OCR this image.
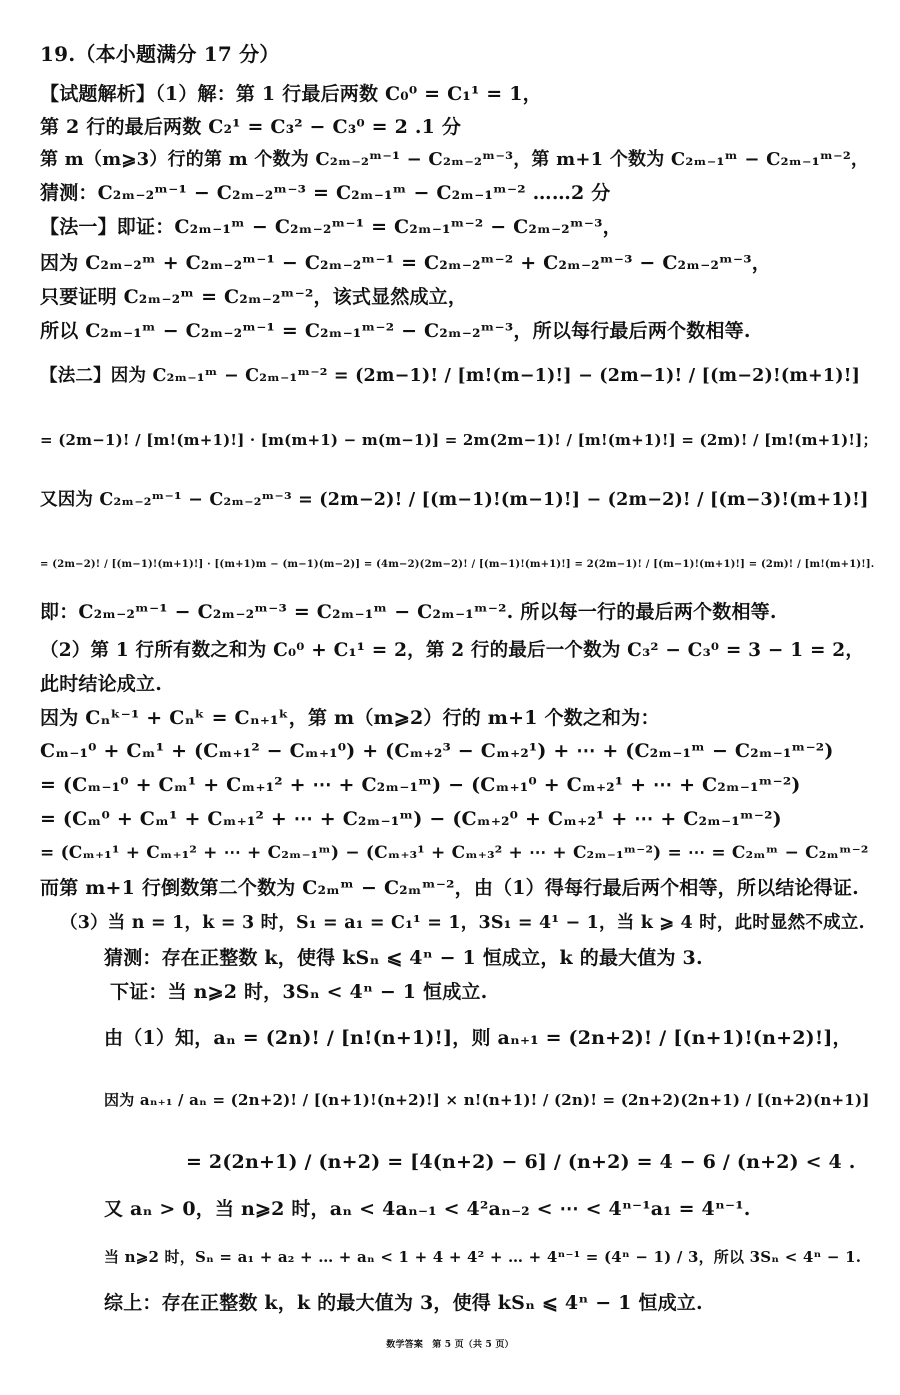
19.（本小题满分 17 分）
【试题解析】（1）解：第 1 行最后两数 C₀⁰ = C₁¹ = 1，
第 2 行的最后两数 C₂¹ = C₃² − C₃⁰ = 2 .1 分
第 m（m⩾3）行的第 m 个数为 C₂ₘ₋₂ᵐ⁻¹ − C₂ₘ₋₂ᵐ⁻³，第 m+1 个数为 C₂ₘ₋₁ᵐ − C₂ₘ₋₁ᵐ⁻²，
猜测：C₂ₘ₋₂ᵐ⁻¹ − C₂ₘ₋₂ᵐ⁻³ = C₂ₘ₋₁ᵐ − C₂ₘ₋₁ᵐ⁻² ……2 分
【法一】即证：C₂ₘ₋₁ᵐ − C₂ₘ₋₂ᵐ⁻¹ = C₂ₘ₋₁ᵐ⁻² − C₂ₘ₋₂ᵐ⁻³，
因为 C₂ₘ₋₂ᵐ + C₂ₘ₋₂ᵐ⁻¹ − C₂ₘ₋₂ᵐ⁻¹ = C₂ₘ₋₂ᵐ⁻² + C₂ₘ₋₂ᵐ⁻³ − C₂ₘ₋₂ᵐ⁻³，
只要证明 C₂ₘ₋₂ᵐ = C₂ₘ₋₂ᵐ⁻²，该式显然成立，
所以 C₂ₘ₋₁ᵐ − C₂ₘ₋₂ᵐ⁻¹ = C₂ₘ₋₁ᵐ⁻² − C₂ₘ₋₂ᵐ⁻³，所以每行最后两个数相等.
【法二】因为 C₂ₘ₋₁ᵐ − C₂ₘ₋₁ᵐ⁻² = (2m−1)! / [m!(m−1)!] − (2m−1)! / [(m−2)!(m+1)!]
= (2m−1)! / [m!(m+1)!] · [m(m+1) − m(m−1)] = 2m(2m−1)! / [m!(m+1)!] = (2m)! / [m!(m+1)!]；
又因为 C₂ₘ₋₂ᵐ⁻¹ − C₂ₘ₋₂ᵐ⁻³ = (2m−2)! / [(m−1)!(m−1)!] − (2m−2)! / [(m−3)!(m+1)!]
= (2m−2)! / [(m−1)!(m+1)!] · [(m+1)m − (m−1)(m−2)] = (4m−2)(2m−2)! / [(m−1)!(m+1)!] = 2(2m−1)! / [(m−1)!(m+1)!] = (2m)! / [m!(m+1)!].
即：C₂ₘ₋₂ᵐ⁻¹ − C₂ₘ₋₂ᵐ⁻³ = C₂ₘ₋₁ᵐ − C₂ₘ₋₁ᵐ⁻². 所以每一行的最后两个数相等.
（2）第 1 行所有数之和为 C₀⁰ + C₁¹ = 2，第 2 行的最后一个数为 C₃² − C₃⁰ = 3 − 1 = 2，
此时结论成立.
因为 Cₙᵏ⁻¹ + Cₙᵏ = Cₙ₊₁ᵏ，第 m（m⩾2）行的 m+1 个数之和为：
Cₘ₋₁⁰ + Cₘ¹ + (Cₘ₊₁² − Cₘ₊₁⁰) + (Cₘ₊₂³ − Cₘ₊₂¹) + ⋯ + (C₂ₘ₋₁ᵐ − C₂ₘ₋₁ᵐ⁻²)
= (Cₘ₋₁⁰ + Cₘ¹ + Cₘ₊₁² + ⋯ + C₂ₘ₋₁ᵐ) − (Cₘ₊₁⁰ + Cₘ₊₂¹ + ⋯ + C₂ₘ₋₁ᵐ⁻²)
= (Cₘ⁰ + Cₘ¹ + Cₘ₊₁² + ⋯ + C₂ₘ₋₁ᵐ) − (Cₘ₊₂⁰ + Cₘ₊₂¹ + ⋯ + C₂ₘ₋₁ᵐ⁻²)
= (Cₘ₊₁¹ + Cₘ₊₁² + ⋯ + C₂ₘ₋₁ᵐ) − (Cₘ₊₃¹ + Cₘ₊₃² + ⋯ + C₂ₘ₋₁ᵐ⁻²) = ⋯ = C₂ₘᵐ − C₂ₘᵐ⁻²
而第 m+1 行倒数第二个数为 C₂ₘᵐ − C₂ₘᵐ⁻²，由（1）得每行最后两个相等，所以结论得证.
（3）当 n = 1，k = 3 时，S₁ = a₁ = C₁¹ = 1，3S₁ = 4¹ − 1，当 k ⩾ 4 时，此时显然不成立.
猜测：存在正整数 k，使得 kSₙ ⩽ 4ⁿ − 1 恒成立，k 的最大值为 3.
下证：当 n⩾2 时，3Sₙ < 4ⁿ − 1 恒成立.
由（1）知，aₙ = (2n)! / [n!(n+1)!]，则 aₙ₊₁ = (2n+2)! / [(n+1)!(n+2)!]，
因为 aₙ₊₁ / aₙ = (2n+2)! / [(n+1)!(n+2)!] × n!(n+1)! / (2n)! = (2n+2)(2n+1) / [(n+2)(n+1)]
= 2(2n+1) / (n+2) = [4(n+2) − 6] / (n+2) = 4 − 6 / (n+2) < 4 .
又 aₙ > 0，当 n⩾2 时，aₙ < 4aₙ₋₁ < 4²aₙ₋₂ < ⋯ < 4ⁿ⁻¹a₁ = 4ⁿ⁻¹.
当 n⩾2 时，Sₙ = a₁ + a₂ + … + aₙ < 1 + 4 + 4² + … + 4ⁿ⁻¹ = (4ⁿ − 1) / 3，所以 3Sₙ < 4ⁿ − 1.
综上：存在正整数 k，k 的最大值为 3，使得 kSₙ ⩽ 4ⁿ − 1 恒成立.
数学答案　第 5 页（共 5 页）
